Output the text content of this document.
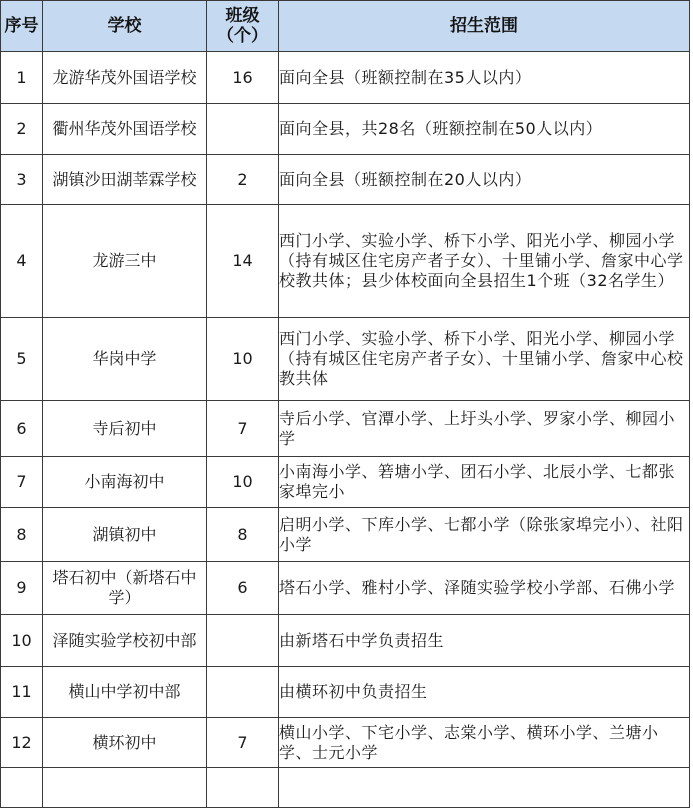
序号	学校	班级（个）	招生范围
1	龙游华茂外国语学校	16	面向全县（班额控制在35人以内）
2	衢州华茂外国语学校		面向全县，共28名（班额控制在50人以内）
3	湖镇沙田湖莘霖学校	2	面向全县（班额控制在20人以内）
4	龙游三中	14	西门小学、实验小学、桥下小学、阳光小学、柳园小学（持有城区住宅房产者子女）、十里铺小学、詹家中心学校教共体；县少体校面向全县招生1个班（32名学生）
5	华岗中学	10	西门小学、实验小学、桥下小学、阳光小学、柳园小学（持有城区住宅房产者子女）、十里铺小学、詹家中心校教共体
6	寺后初中	7	寺后小学、官潭小学、上圩头小学、罗家小学、柳园小学
7	小南海初中	10	小南海小学、箬塘小学、团石小学、北辰小学、七都张家埠完小
8	湖镇初中	8	启明小学、下库小学、七都小学（除张家埠完小）、社阳小学
9	塔石初中（新塔石中学）	6	塔石小学、雅村小学、泽随实验学校小学部、石佛小学
10	泽随实验学校初中部		由新塔石中学负责招生
11	横山中学初中部		由横环初中负责招生
12	横环初中	7	横山小学、下宅小学、志棠小学、横环小学、兰塘小学、士元小学
